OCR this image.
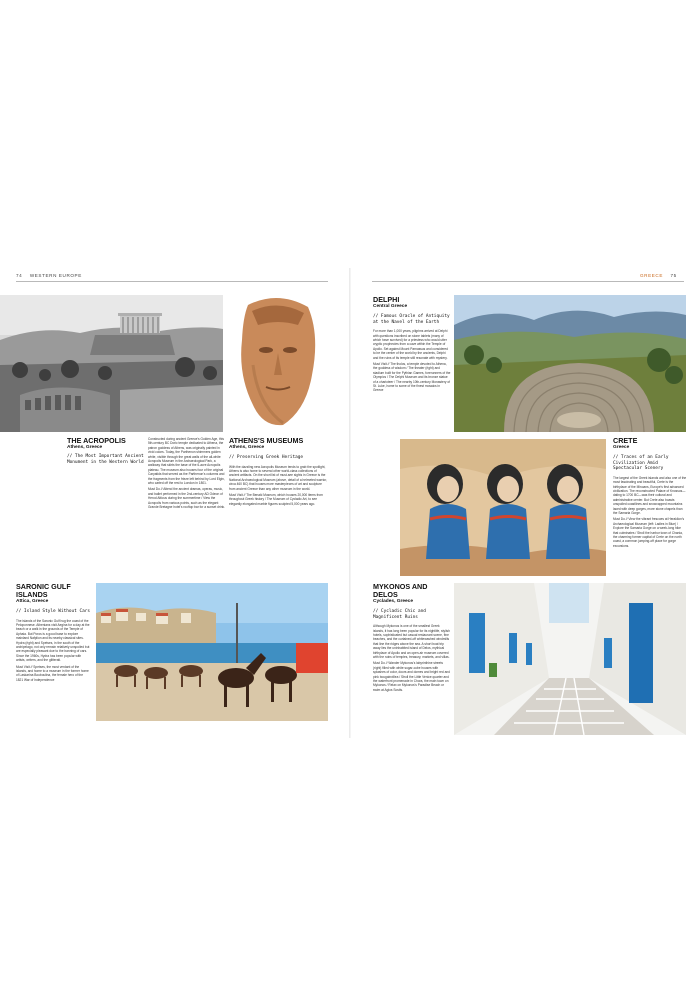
74 WESTERN EUROPE	GREECE 75
THE ACROPOLIS
Athens, Greece
// The Most Important Ancient Monument in the Western World
Constructed during ancient Greece's Golden Age, this 5th-century BC Doric temple dedicated to Athena, the patron goddess of Athens, was originally painted in vivid colors. Today, the Parthenon shimmers golden white, visible through the great walls of the all-white Acropolis Museum in the Archaeological Park, a walkway that skirts the base of the 6-acre Acropolis plateau. The museum also houses four of the original Caryatids that served as the Parthenon's columns and the fragments from the frieze left behind by Lord Elgin, who carted off the rest to London in 1801.
Must Do // Attend the ancient dramas, operas, music, and ballet performed in the 2nd-century AD Odeon of Herod Atticus during the summertime / View the Acropolis from various points, such as the elegant Grande Bretagne hotel's rooftop bar for a sunset drink.
ATHENS'S MUSEUMS
Athens, Greece
// Preserving Greek Heritage
With the dazzling new Acropolis Museum tends to grab the spotlight, Athens is also home to several other world-class collections of ancient artifacts. On the short list of must-see sights in Greece is the National Archaeological Museum (above, detail of a helmeted warrior, circa 460 BC) that houses more masterpieces of art and sculpture from ancient Greece than any other museum in the world.
Must Visit // The Benaki Museum, which houses 20,000 items from throughout Greek history / The Museum of Cycladic Art, to see elegantly elongated marble figures sculpted 5,000 years ago.
SARONIC GULF ISLANDS
Attica, Greece
// Island Style Without Cars
The islands of the Saronic Gulf hug the coast of the Peloponnese. Athenians visit Aegina for a day at the beach or a walk in the grounds of the Temple of Aphaia. But Poros is a good base to explore mainland Nafplion and its nearby classical sites. Hydra (right) and Spetses, in the south of the archipelago, not only remain relatively unspoiled but are especially pleasant due to the banning of cars. Since the 1960s, Hydra has been popular with artists, writers, and the glitterati.
Must Visit // Spetses, the most verdant of the islands, and home to a museum in the former home of Laskarina Bouboulina, the female hero of the 1821 War of Independence
DELPHI
Central Greece
// Famous Oracle of Antiquity at the Navel of the Earth
For more than 1,000 years, pilgrims arrived at Delphi with questions inscribed on stone tablets (many of which have survived) for a priestess who would utter cryptic prophecies from a cave within the Temple of Apollo. Set against Mount Parnassus and considered to be the center of the world by the ancients, Delphi and the ruins of its temple still resonate with mystery.
Must Visit // The tholos, a temple devoted to Athena, the goddess of wisdom / The theater (right) and stadium built for the Pythian Games, forerunners of the Olympics / The Delphi Museum and its bronze statue of a charioteer / The nearby 10th-century Monastery of St. Luke, home to some of the finest mosaics in Greece
CRETE
Greece
// Traces of an Early Civilization Amid Spectacular Scenery
The largest of the Greek islands and also one of the most fascinating and beautiful, Crete is the birthplace of the Minoans, Europe's first advanced civilization. The reconstructed Palace of Knossos—dating to 1700 BC—was their cultural and administrative center. But Crete also boasts unspoiled coastlines and snowcapped mountains laced with deep gorges, more stone chapels than the Samaria Gorge.
Must Do // View the vibrant frescoes at Heraklion's Archaeological Museum (left: Ladies in Blue) / Explore the Samaria Gorge on a week-long hike that culminates / Stroll the harbor town of Chania, the charming former capital of Crete on the north coast, a common jumping-off place for gorge excursions.
MYKONOS AND DELOS
Cyclades, Greece
// Cycladic Chic and Magnificent Ruins
Although Mykonos is one of the smallest Greek islands, it has long been popular for its nightlife, stylish hotels, sophisticated but casual restaurant scene, fine beaches, and the curtained-off whitewashed windmills that line the ridges above the sea. A short boat trip away lies the uninhabited island of Delos, mythical birthplace of Apollo and an open-air museum covered with the ruins of temples, treasury, markets, and villas.
Must Do // Wander Mykonos's labyrinthine streets (right) filled with white sugar-cube houses with splashes of color, doors and domes and bright red and pink bougainvillea / Stroll the Little Venice quarter and the waterfront promenade in Chora, the main town on Mykonos / Relax on Mykonos's Paradise Beach or swim at Agios Sostis.
